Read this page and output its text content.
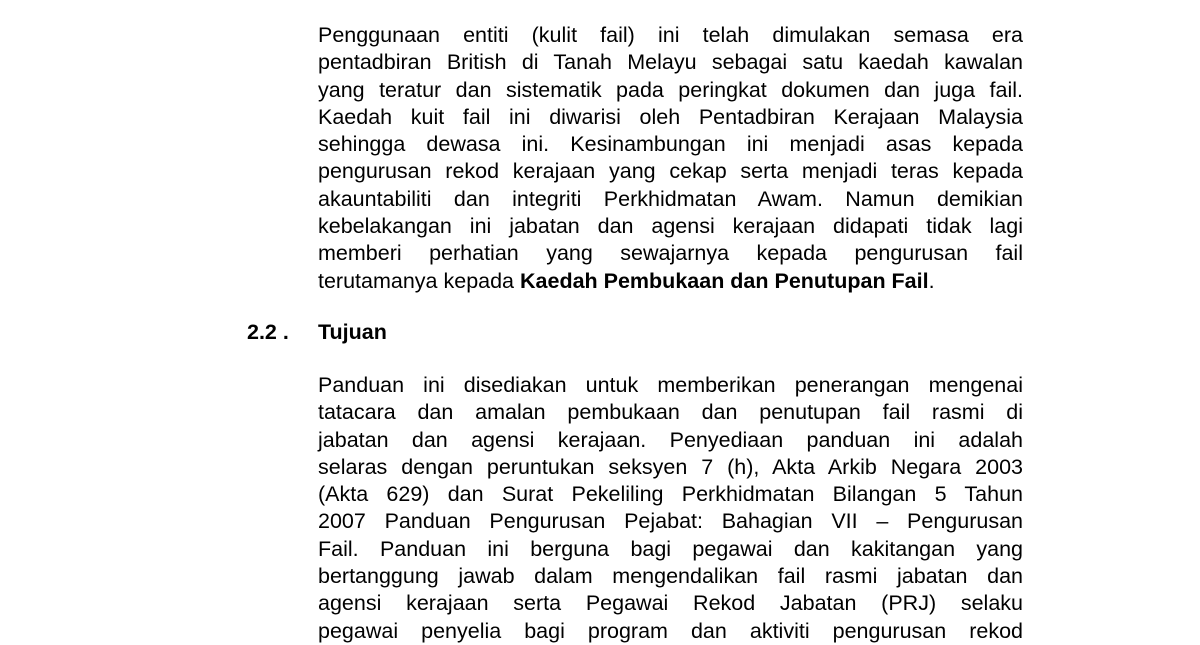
Penggunaan entiti (kulit fail) ini telah dimulakan semasa era
pentadbiran British di Tanah Melayu sebagai satu kaedah kawalan
yang teratur dan sistematik pada peringkat dokumen dan juga fail.
Kaedah kuit fail ini diwarisi oleh Pentadbiran Kerajaan Malaysia
sehingga dewasa ini. Kesinambungan ini menjadi asas kepada
pengurusan rekod kerajaan yang cekap serta menjadi teras kepada
akauntabiliti dan integriti Perkhidmatan Awam. Namun demikian
kebelakangan ini jabatan dan agensi kerajaan didapati tidak lagi
memberi perhatian yang sewajarnya kepada pengurusan fail
terutamanya kepada Kaedah Pembukaan dan Penutupan Fail.
2.2 . Tujuan
Panduan ini disediakan untuk memberikan penerangan mengenai
tatacara dan amalan pembukaan dan penutupan fail rasmi di
jabatan dan agensi kerajaan. Penyediaan panduan ini adalah
selaras dengan peruntukan seksyen 7 (h), Akta Arkib Negara 2003
(Akta 629) dan Surat Pekeliling Perkhidmatan Bilangan 5 Tahun
2007 Panduan Pengurusan Pejabat: Bahagian VII – Pengurusan
Fail. Panduan ini berguna bagi pegawai dan kakitangan yang
bertanggung jawab dalam mengendalikan fail rasmi jabatan dan
agensi kerajaan serta Pegawai Rekod Jabatan (PRJ) selaku
pegawai penyelia bagi program dan aktiviti pengurusan rekod
